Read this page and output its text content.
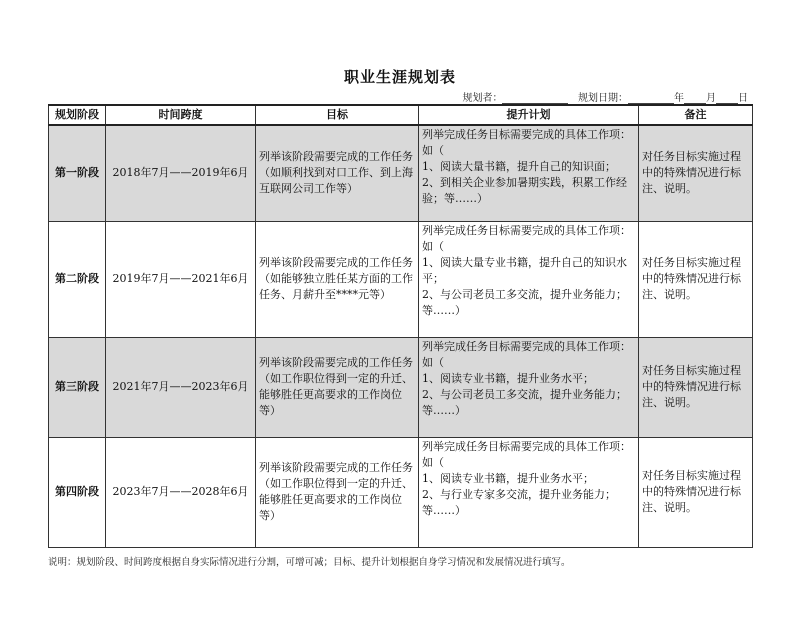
职业生涯规划表
规划者：	规划日期：	年 月 日
规划阶段	时间跨度	目标	提升计划	备注
第一阶段	2018年7月——2019年6月	列举该阶段需要完成的工作任务（如顺利找到对口工作、到上海互联网公司工作等）	列举完成任务目标需要完成的具体工作项：如（
1、阅读大量书籍，提升自己的知识面；
2、到相关企业参加暑期实践，积累工作经验；等……）	对任务目标实施过程中的特殊情况进行标注、说明。
第二阶段	2019年7月——2021年6月	列举该阶段需要完成的工作任务（如能够独立胜任某方面的工作任务、月薪升至****元等）	列举完成任务目标需要完成的具体工作项：如（
1、阅读大量专业书籍，提升自己的知识水平；
2、与公司老员工多交流，提升业务能力；等……）	对任务目标实施过程中的特殊情况进行标注、说明。
第三阶段	2021年7月——2023年6月	列举该阶段需要完成的工作任务（如工作职位得到一定的升迁、能够胜任更高要求的工作岗位等）	列举完成任务目标需要完成的具体工作项：如（
1、阅读专业书籍，提升业务水平；
2、与公司老员工多交流，提升业务能力；等……）	对任务目标实施过程中的特殊情况进行标注、说明。
第四阶段	2023年7月——2028年6月	列举该阶段需要完成的工作任务（如工作职位得到一定的升迁、能够胜任更高要求的工作岗位等）	列举完成任务目标需要完成的具体工作项：如（
1、阅读专业书籍，提升业务水平；
2、与行业专家多交流，提升业务能力；等……）	对任务目标实施过程中的特殊情况进行标注、说明。
说明：规划阶段、时间跨度根据自身实际情况进行分割，可增可减；目标、提升计划根据自身学习情况和发展情况进行填写。
